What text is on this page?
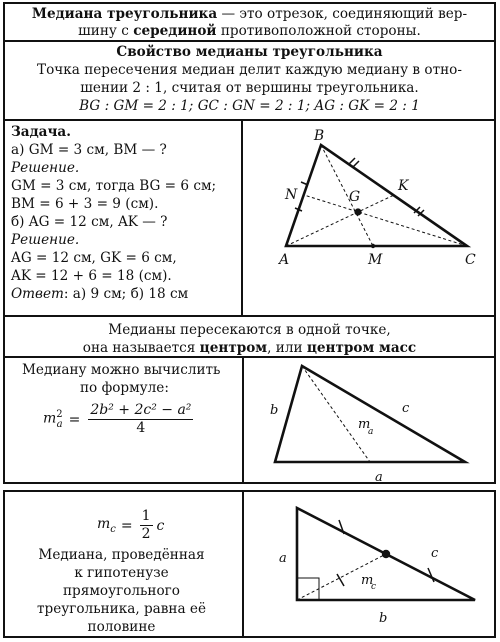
Медиана треугольника — это отрезок, соединяющий вер-
шину с серединой противоположной стороны.
Свойство медианы треугольника
Точка пересечения медиан делит каждую медиану в отно-
шении 2 : 1, считая от вершины треугольника.
BG : GM = 2 : 1; GC : GN = 2 : 1; AG : GK = 2 : 1
Задача.
а) GM = 3 см, BM — ?
Решение.
GM = 3 см, тогда BG = 6 см;
BM = 6 + 3 = 9 (см).
б) AG = 12 см, AK — ?
Решение.
AG = 12 см, GK = 6 см,
AK = 12 + 6 = 18 (см).
Ответ: а) 9 см; б) 18 см
B
K
N	G
A	M	C
Медианы пересекаются в одной точке,
она называется центром, или центром масс
Медиану можно вычислить
по формуле:
$m^2_a = \frac{\text{2b² + 2c² − a²}}{4}$	b	c
m
a
a
$m_c = \frac{1}{2}$ c
Медиана, проведённая
к гипотенузе
прямоугольного
треугольника, равна её
половине
a	c
m
c
b
